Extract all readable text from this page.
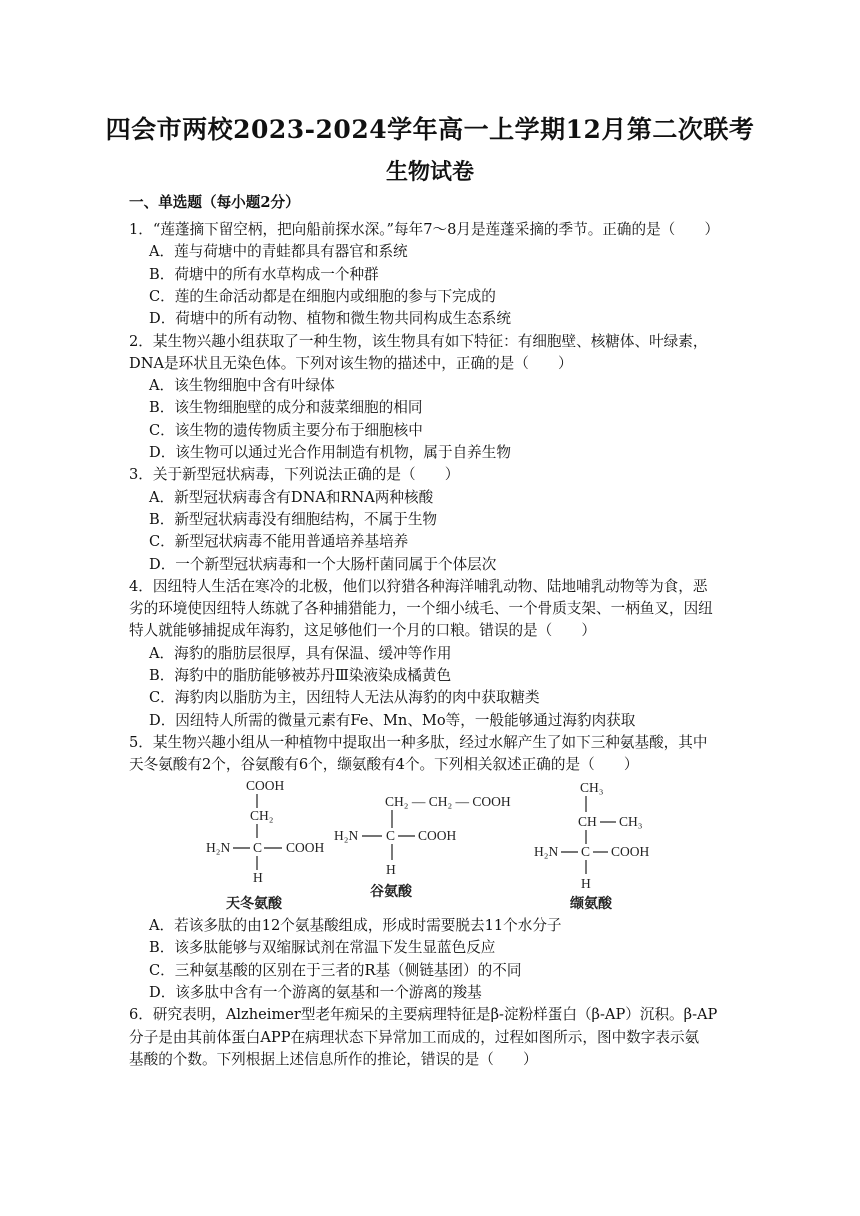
四会市两校2023-2024学年高一上学期12月第二次联考
生物试卷
一、单选题（每小题2分）
1．“莲蓬摘下留空柄，把向船前探水深。”每年7～8月是莲蓬采摘的季节。正确的是（　　）
A．莲与荷塘中的青蛙都具有器官和系统
B．荷塘中的所有水草构成一个种群
C．莲的生命活动都是在细胞内或细胞的参与下完成的
D．荷塘中的所有动物、植物和微生物共同构成生态系统
2．某生物兴趣小组获取了一种生物，该生物具有如下特征：有细胞壁、核糖体、叶绿素，
DNA是环状且无染色体。下列对该生物的描述中，正确的是（　　）
A．该生物细胞中含有叶绿体
B．该生物细胞壁的成分和菠菜细胞的相同
C．该生物的遗传物质主要分布于细胞核中
D．该生物可以通过光合作用制造有机物，属于自养生物
3．关于新型冠状病毒，下列说法正确的是（　　）
A．新型冠状病毒含有DNA和RNA两种核酸
B．新型冠状病毒没有细胞结构，不属于生物
C．新型冠状病毒不能用普通培养基培养
D．一个新型冠状病毒和一个大肠杆菌同属于个体层次
4．因纽特人生活在寒冷的北极，他们以狩猎各种海洋哺乳动物、陆地哺乳动物等为食，恶
劣的环境使因纽特人练就了各种捕猎能力，一个细小绒毛、一个骨质支架、一柄鱼叉，因纽
特人就能够捕捉成年海豹，这足够他们一个月的口粮。错误的是（　　）
A．海豹的脂肪层很厚，具有保温、缓冲等作用
B．海豹中的脂肪能够被苏丹Ⅲ染液染成橘黄色
C．海豹肉以脂肪为主，因纽特人无法从海豹的肉中获取糖类
D．因纽特人所需的微量元素有Fe、Mn、Mo等，一般能够通过海豹肉获取
5．某生物兴趣小组从一种植物中提取出一种多肽，经过水解产生了如下三种氨基酸，其中
天冬氨酸有2个，谷氨酸有6个，缬氨酸有4个。下列相关叙述正确的是（　　）
A．若该多肽的由12个氨基酸组成，形成时需要脱去11个水分子
B．该多肽能够与双缩脲试剂在常温下发生显蓝色反应
C．三种氨基酸的区别在于三者的R基（侧链基团）的不同
D．该多肽中含有一个游离的氨基和一个游离的羧基
6．研究表明，Alzheimer型老年痴呆的主要病理特征是β-淀粉样蛋白（β-AP）沉积。β-AP
分子是由其前体蛋白APP在病理状态下异常加工而成的，过程如图所示，图中数字表示氨
基酸的个数。下列根据上述信息所作的推论，错误的是（　　）
COOH
CH₂
H₂N C COOH
H
天冬氨酸
CH₂ — CH₂ — COOH
H₂N C COOH
H
谷氨酸
CH₃
CH CH₃
H₂N C COOH
H
缬氨酸
